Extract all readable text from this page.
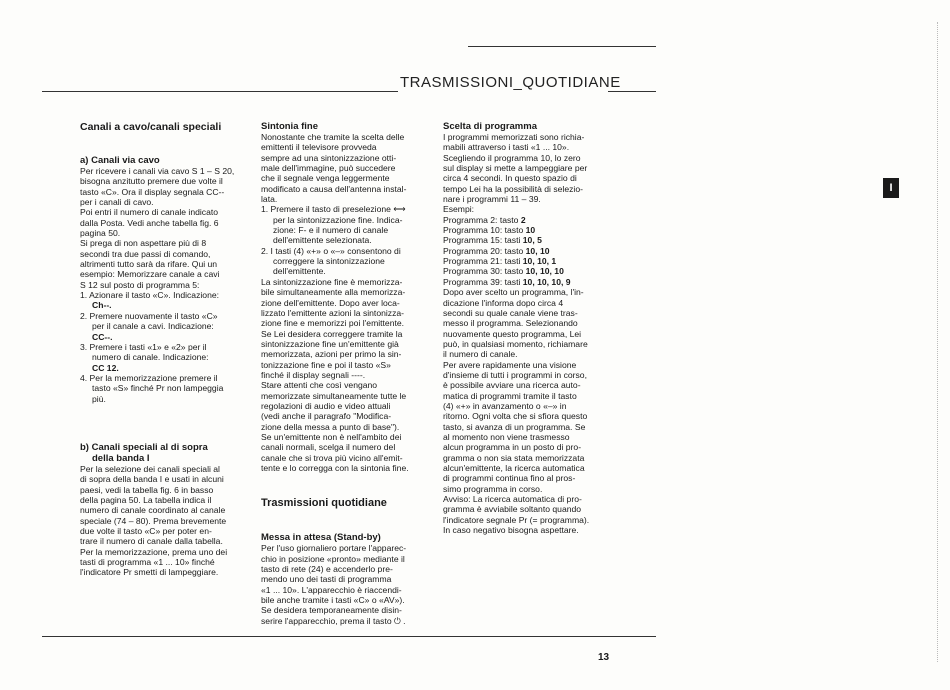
TRASMISSIONI_QUOTIDIANE
I
13

Canali a cavo/canali speciali

a) Canali via cavo

Per ricevere i canali via cavo S 1 – S 20,

bisogna anzitutto premere due volte il

tasto «C». Ora il display segnala CC--

per i canali di cavo.

Poi entri il numero di canale indicato

dalla Posta. Vedi anche tabella fig. 6

pagina 50.

Si prega di non aspettare più di 8

secondi tra due passi di comando,

altrimenti tutto sarà da rifare. Qui un

esempio: Memorizzare canale a cavi

S 12 sul posto di programma 5:

1. Azionare il tasto «C». Indicazione:
Ch--.
2. Premere nuovamente il tasto «C»
per il canale a cavi. Indicazione:
CC--.
3. Premere i tasti «1» e «2» per il
numero di canale. Indicazione:
CC 12.
4. Per la memorizzazione premere il
tasto «S» finché Pr non lampeggia
più.

b) Canali speciali al di sopra

della banda I

Per la selezione dei canali speciali al

di sopra della banda I e usati in alcuni

paesi, vedi la tabella fig. 6 in basso

della pagina 50. La tabella indica il

numero di canale coordinato al canale

speciale (74 – 80). Prema brevemente

due volte il tasto «C» per poter en-

trare il numero di canale dalla tabella.

Per la memorizzazione, prema uno dei

tasti di programma «1 ... 10» finché

l'indicatore Pr smetti di lampeggiare.

Sintonia fine

Nonostante che tramite la scelta delle

emittenti il televisore provveda

sempre ad una sintonizzazione otti-

male dell'immagine, può succedere

che il segnale venga leggermente

modificato a causa dell'antenna instal-

lata.

1. Premere il tasto di preselezione ⟷
per la sintonizzazione fine. Indica-
zione: F- e il numero di canale
dell'emittente selezionata.
2. I tasti (4) «+» o «–» consentono di
correggere la sintonizzazione
dell'emittente.

La sintonizzazione fine è memorizza-

bile simultaneamente alla memorizza-

zione dell'emittente. Dopo aver loca-

lizzato l'emittente azioni la sintonizza-

zione fine e memorizzi poi l'emittente.

Se Lei desidera correggere tramite la

sintonizzazione fine un'emittente già

memorizzata, azioni per primo la sin-

tonizzazione fine e poi il tasto «S»

finché il display segnali ----.

Stare attenti che così vengano

memorizzate simultaneamente tutte le

regolazioni di audio e video attuali

(vedi anche il paragrafo "Modifica-

zione della messa a punto di base").

Se un'emittente non è nell'ambito dei

canali normali, scelga il numero del

canale che si trova più vicino all'emit-

tente e lo corregga con la sintonia fine.

Trasmissioni quotidiane

Messa in attesa (Stand-by)

Per l'uso giornaliero portare l'apparec-

chio in posizione «pronto» mediante il

tasto di rete (24) e accenderlo pre-

mendo uno dei tasti di programma

«1 ... 10». L'apparecchio è riaccendi-

bile anche tramite i tasti «C» o «AV»).

Se desidera temporaneamente disin-

serire l'apparecchio, prema il tasto ⏻ .

Scelta di programma

I programmi memorizzati sono richia-

mabili attraverso i tasti «1 ... 10».

Scegliendo il programma 10, lo zero

sul display si mette a lampeggiare per

circa 4 secondi. In questo spazio di

tempo Lei ha la possibilità di selezio-

nare i programmi 11 – 39.

Esempi:

Programma 2: tasto 2

Programma 10: tasto 10

Programma 15: tasti 10, 5

Programma 20: tasto 10, 10

Programma 21: tasti 10, 10, 1

Programma 30: tasto 10, 10, 10

Programma 39: tasti 10, 10, 10, 9

Dopo aver scelto un programma, l'in-

dicazione l'informa dopo circa 4

secondi su quale canale viene tras-

messo il programma. Selezionando

nuovamente questo programma, Lei

può, in qualsiasi momento, richiamare

il numero di canale.

Per avere rapidamente una visione

d'insieme di tutti i programmi in corso,

è possibile avviare una ricerca auto-

matica di programmi tramite il tasto

(4) «+» in avanzamento o «–» in

ritorno. Ogni volta che si sfiora questo

tasto, si avanza di un programma. Se

al momento non viene trasmesso

alcun programma in un posto di pro-

gramma o non sia stata memorizzata

alcun'emittente, la ricerca automatica

di programmi continua fino al pros-

simo programma in corso.

Avviso: La ricerca automatica di pro-

gramma è avviabile soltanto quando

l'indicatore segnale Pr (= programma).

In caso negativo bisogna aspettare.
